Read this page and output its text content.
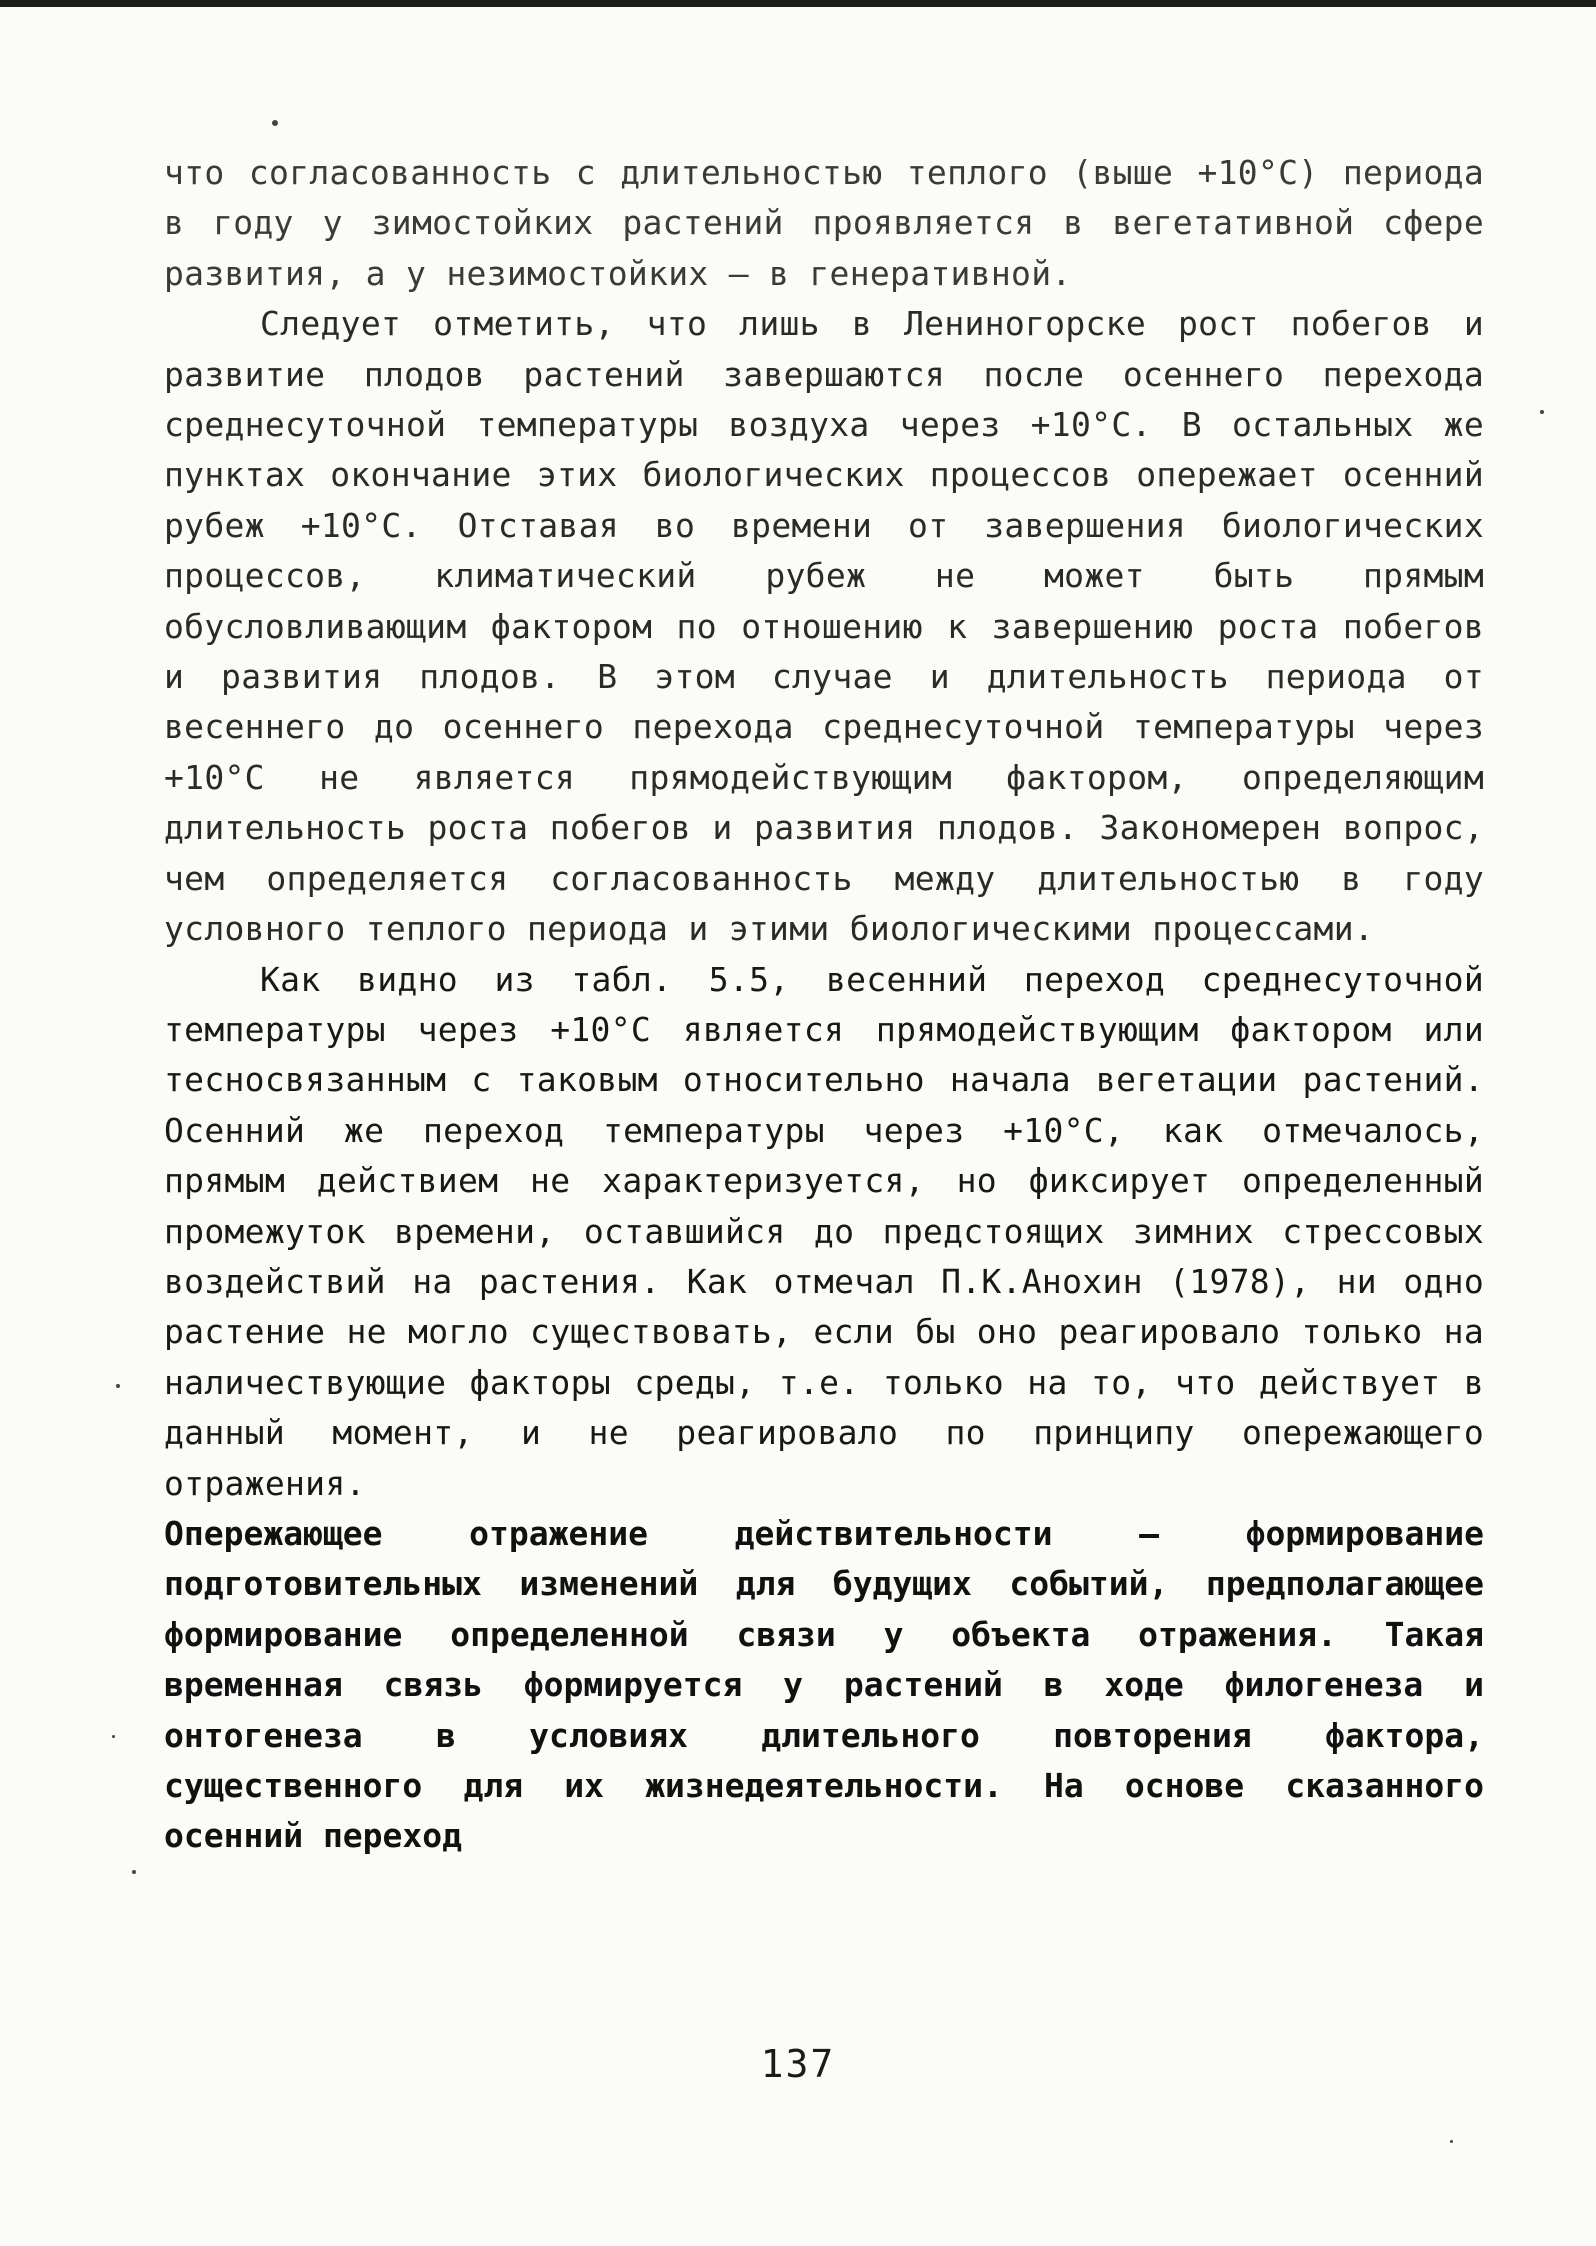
что согласованность с длительностью теплого (выше +10°С) периода в году у зимостойких растений проявляется в вегетативной сфере развития, а у незимостойких – в генеративной.

Следует отметить, что лишь в Лениногорске рост побегов и развитие плодов растений завершаются после осеннего перехода среднесуточной температуры воздуха через +10°С. В остальных же пунктах окончание этих биологических процессов опережает осенний рубеж +10°С. Отставая во времени от завершения биологических процессов, климатический рубеж не может быть прямым обусловливающим фактором по отношению к завершению роста побегов и развития плодов. В этом случае и длительность периода от весеннего до осеннего перехода среднесуточной температуры через +10°С не является прямодействующим фактором, определяющим длительность роста побегов и развития плодов. Закономерен вопрос, чем определяется согласованность между длительностью в году условного теплого периода и этими биологическими процессами.

Как видно из табл. 5.5, весенний переход среднесуточной температуры через +10°С является прямодействующим фактором или тесносвязанным с таковым относительно начала вегетации растений. Осенний же переход температуры через +10°С, как отмечалось, прямым действием не характеризуется, но фиксирует определенный промежуток времени, оставшийся до предстоящих зимних стрессовых воздействий на растения. Как отмечал П.К.Анохин (1978), ни одно растение не могло существовать, если бы оно реагировало только на наличествующие факторы среды, т.е. только на то, что действует в данный момент, и не реагировало по принципу опережающего отражения.

Опережающее отражение действительности – формирование подготовительных изменений для будущих событий, предполагающее формирование определенной связи у объекта отражения. Такая временная связь формируется у растений в ходе филогенеза и онтогенеза в условиях длительного повторения фактора, существенного для их жизнедеятельности. На основе сказанного осенний переход

137
